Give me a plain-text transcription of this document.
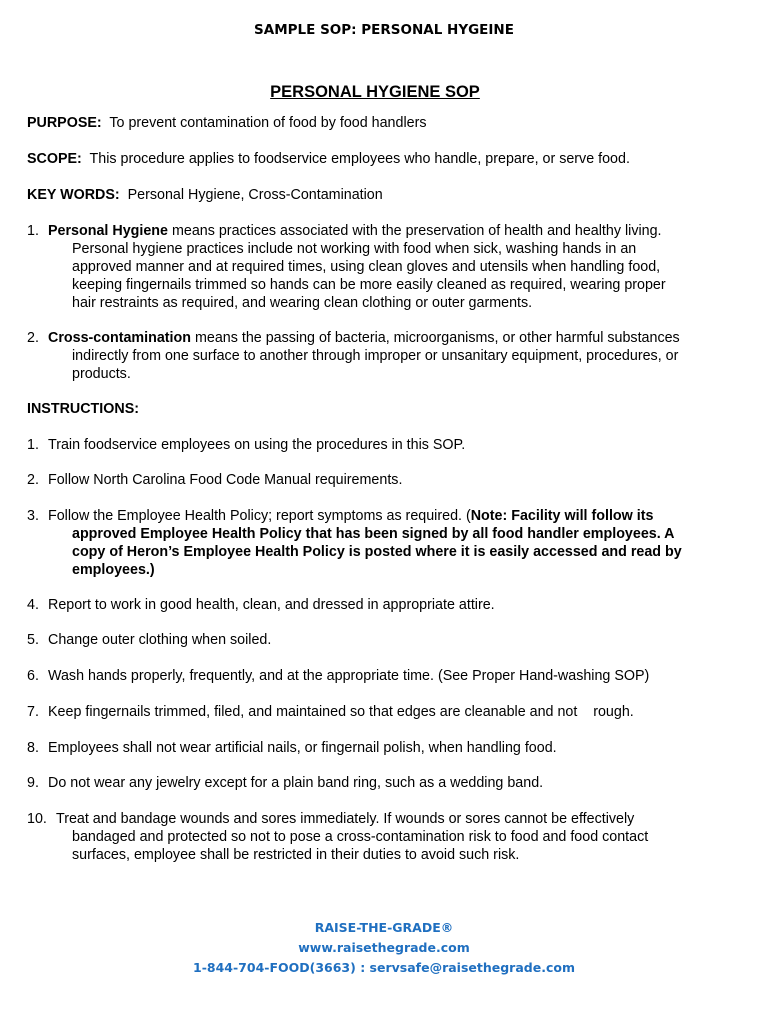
SAMPLE SOP: PERSONAL HYGEINE
PERSONAL HYGIENE SOP
PURPOSE: To prevent contamination of food by food handlers
SCOPE: This procedure applies to foodservice employees who handle, prepare, or serve food.
KEY WORDS: Personal Hygiene, Cross-Contamination
1. Personal Hygiene means practices associated with the preservation of health and healthy living.
Personal hygiene practices include not working with food when sick, washing hands in an
approved manner and at required times, using clean gloves and utensils when handling food,
keeping fingernails trimmed so hands can be more easily cleaned as required, wearing proper
hair restraints as required, and wearing clean clothing or outer garments.
2. Cross-contamination means the passing of bacteria, microorganisms, or other harmful substances
indirectly from one surface to another through improper or unsanitary equipment, procedures, or
products.
INSTRUCTIONS:
1. Train foodservice employees on using the procedures in this SOP.
2. Follow North Carolina Food Code Manual requirements.
3. Follow the Employee Health Policy; report symptoms as required. (Note: Facility will follow its
approved Employee Health Policy that has been signed by all food handler employees. A
copy of Heron’s Employee Health Policy is posted where it is easily accessed and read by
employees.)
4. Report to work in good health, clean, and dressed in appropriate attire.
5. Change outer clothing when soiled.
6. Wash hands properly, frequently, and at the appropriate time. (See Proper Hand-washing SOP)
7. Keep fingernails trimmed, filed, and maintained so that edges are cleanable and not    rough.
8. Employees shall not wear artificial nails, or fingernail polish, when handling food.
9. Do not wear any jewelry except for a plain band ring, such as a wedding band.
10. Treat and bandage wounds and sores immediately. If wounds or sores cannot be effectively
bandaged and protected so not to pose a cross-contamination risk to food and food contact
surfaces, employee shall be restricted in their duties to avoid such risk.
RAISE-THE-GRADE®
www.raisethegrade.com
1-844-704-FOOD(3663) : servsafe@raisethegrade.com
